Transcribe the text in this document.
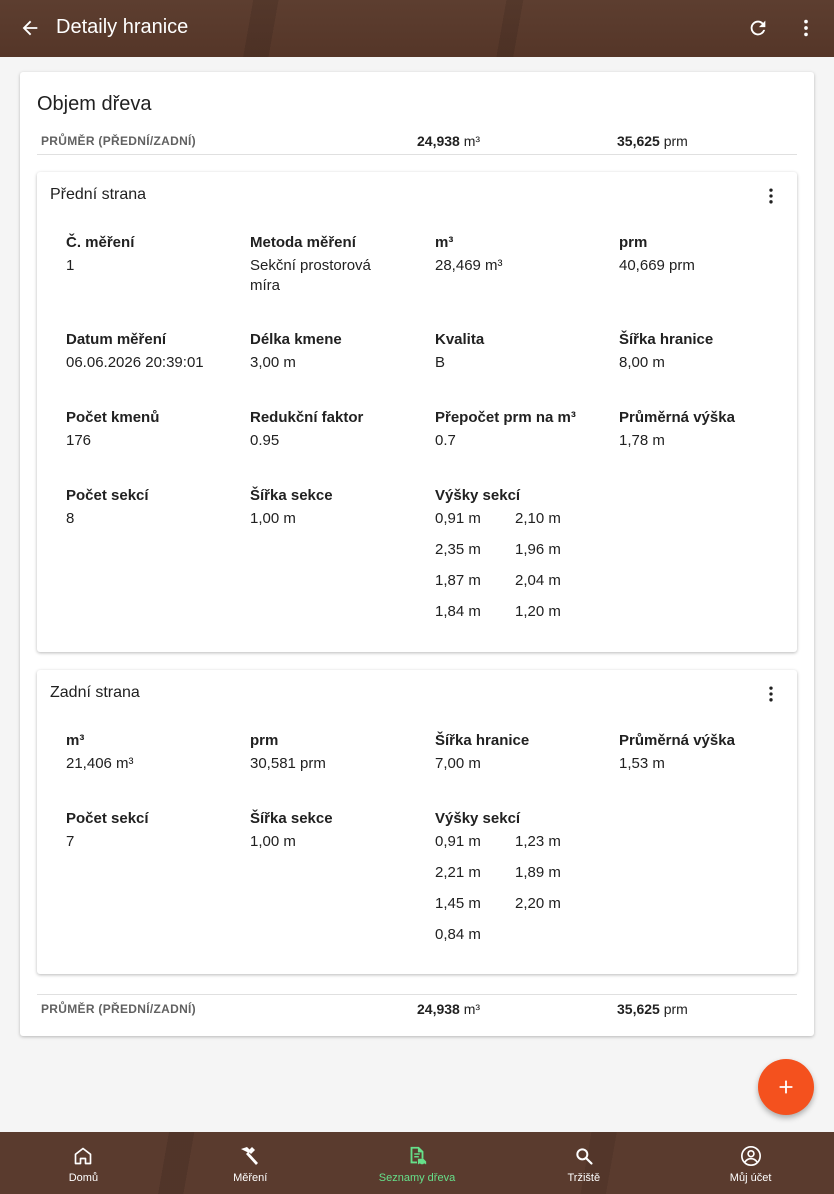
Detaily hranice
Objem dřeva
PRŮMĚR (PŘEDNÍ/ZADNÍ)	24,938 m³	35,625 prm
Přední strana
Č. měření
1
Metoda měření
Sekční prostorová míra
m³
28,469 m³
prm
40,669 prm
Datum měření
06.06.2026 20:39:01
Délka kmene
3,00 m
Kvalita
B
Šířka hranice
8,00 m
Počet kmenů
176
Redukční faktor
0.95
Přepočet prm na m³
0.7
Průměrná výška
1,78 m
Počet sekcí
8
Šířka sekce
1,00 m
Výšky sekcí
0,91 m	2,10 m
2,35 m	1,96 m
1,87 m	2,04 m
1,84 m	1,20 m
Zadní strana
m³
21,406 m³
prm
30,581 prm
Šířka hranice
7,00 m
Průměrná výška
1,53 m
Počet sekcí
7
Šířka sekce
1,00 m
Výšky sekcí
0,91 m	1,23 m
2,21 m	1,89 m
1,45 m	2,20 m
0,84 m
PRŮMĚR (PŘEDNÍ/ZADNÍ)	24,938 m³	35,625 prm
Domů	Měření	Seznamy dřeva	Tržiště	Můj účet
